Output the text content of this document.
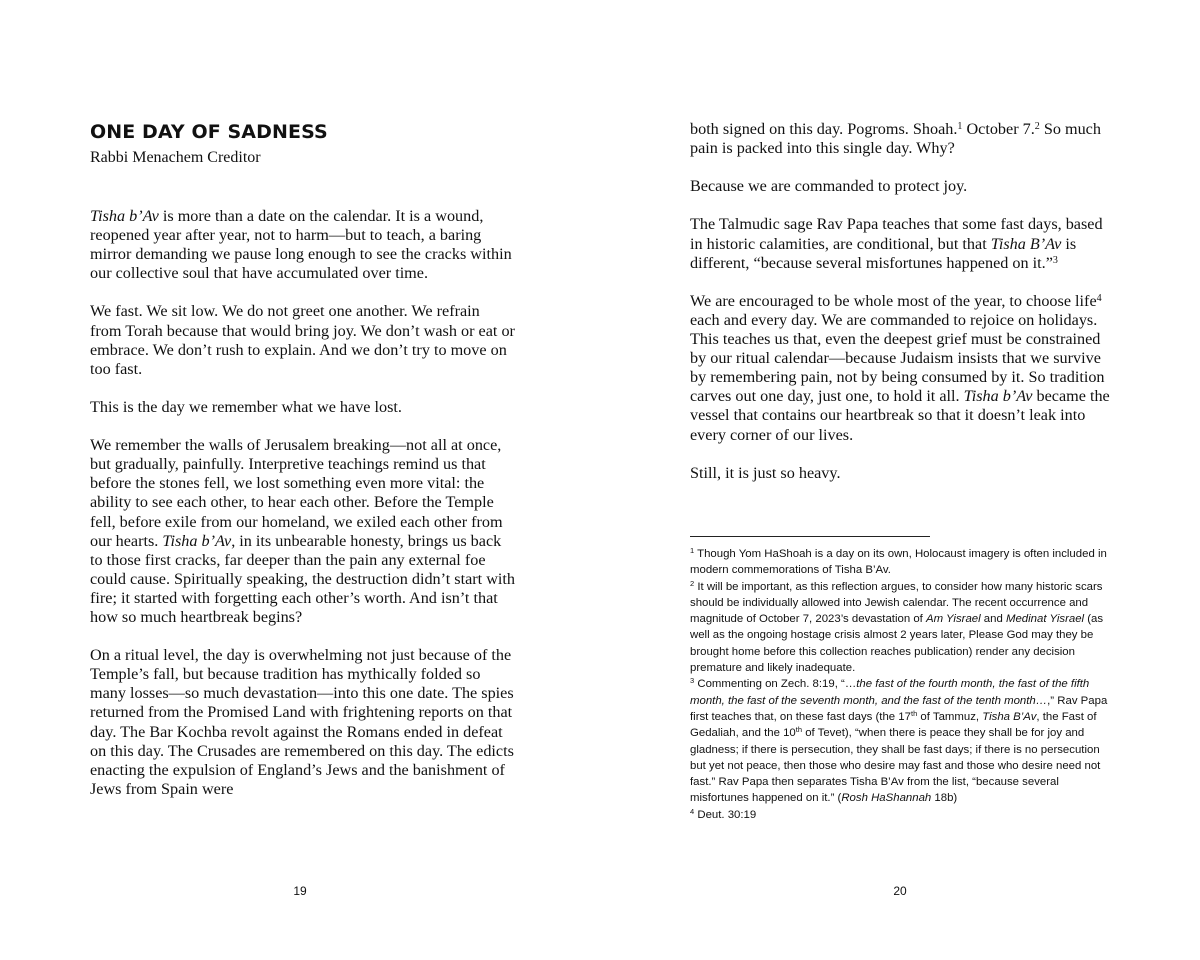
ONE DAY OF SADNESS
Rabbi Menachem Creditor

Tisha b’Av is more than a date on the calendar. It is a wound, reopened year after year, not to harm—but to teach, a baring mirror demanding we pause long enough to see the cracks within our collective soul that have accumulated over time.

We fast. We sit low. We do not greet one another. We refrain from Torah because that would bring joy. We don’t wash or eat or embrace. We don’t rush to explain. And we don’t try to move on too fast.

This is the day we remember what we have lost.

We remember the walls of Jerusalem breaking—not all at once, but gradually, painfully. Interpretive teachings remind us that before the stones fell, we lost something even more vital: the ability to see each other, to hear each other. Before the Temple fell, before exile from our homeland, we exiled each other from our hearts. Tisha b’Av, in its unbearable honesty, brings us back to those first cracks, far deeper than the pain any external foe could cause. Spiritually speaking, the destruction didn’t start with fire; it started with forgetting each other’s worth. And isn’t that how so much heartbreak begins?

On a ritual level, the day is overwhelming not just because of the Temple’s fall, but because tradition has mythically folded so many losses—so much devastation—into this one date. The spies returned from the Promised Land with frightening reports on that day. The Bar Kochba revolt against the Romans ended in defeat on this day. The Crusades are remembered on this day. The edicts enacting the expulsion of England’s Jews and the banishment of Jews from Spain were

19

both signed on this day. Pogroms. Shoah.$^1$ October 7.$^2$ So much pain is packed into this single day. Why?

Because we are commanded to protect joy.

The Talmudic sage Rav Papa teaches that some fast days, based in historic calamities, are conditional, but that Tisha B’Av is different, “because several misfortunes happened on it.”$^3$

We are encouraged to be whole most of the year, to choose life$^4$ each and every day. We are commanded to rejoice on holidays. This teaches us that, even the deepest grief must be constrained by our ritual calendar—because Judaism insists that we survive by remembering pain, not by being consumed by it. So tradition carves out one day, just one, to hold it all. Tisha b’Av became the vessel that contains our heartbreak so that it doesn’t leak into every corner of our lives.

Still, it is just so heavy.

$^1$ Though Yom HaShoah is a day on its own, Holocaust imagery is often included in modern commemorations of Tisha B’Av.
$^2$ It will be important, as this reflection argues, to consider how many historic scars should be individually allowed into Jewish calendar. The recent occurrence and magnitude of October 7, 2023’s devastation of Am Yisrael and Medinat Yisrael (as well as the ongoing hostage crisis almost 2 years later, Please God may they be brought home before this collection reaches publication) render any decision premature and likely inadequate.
$^3$ Commenting on Zech. 8:19, “…the fast of the fourth month, the fast of the fifth month, the fast of the seventh month, and the fast of the tenth month…,” Rav Papa first teaches that, on these fast days (the 17th of Tammuz, Tisha B’Av, the Fast of Gedaliah, and the 10th of Tevet), “when there is peace they shall be for joy and gladness; if there is persecution, they shall be fast days; if there is no persecution but yet not peace, then those who desire may fast and those who desire need not fast.” Rav Papa then separates Tisha B’Av from the list, “because several misfortunes happened on it.” (Rosh HaShannah 18b)
$^4$ Deut. 30:19
20
